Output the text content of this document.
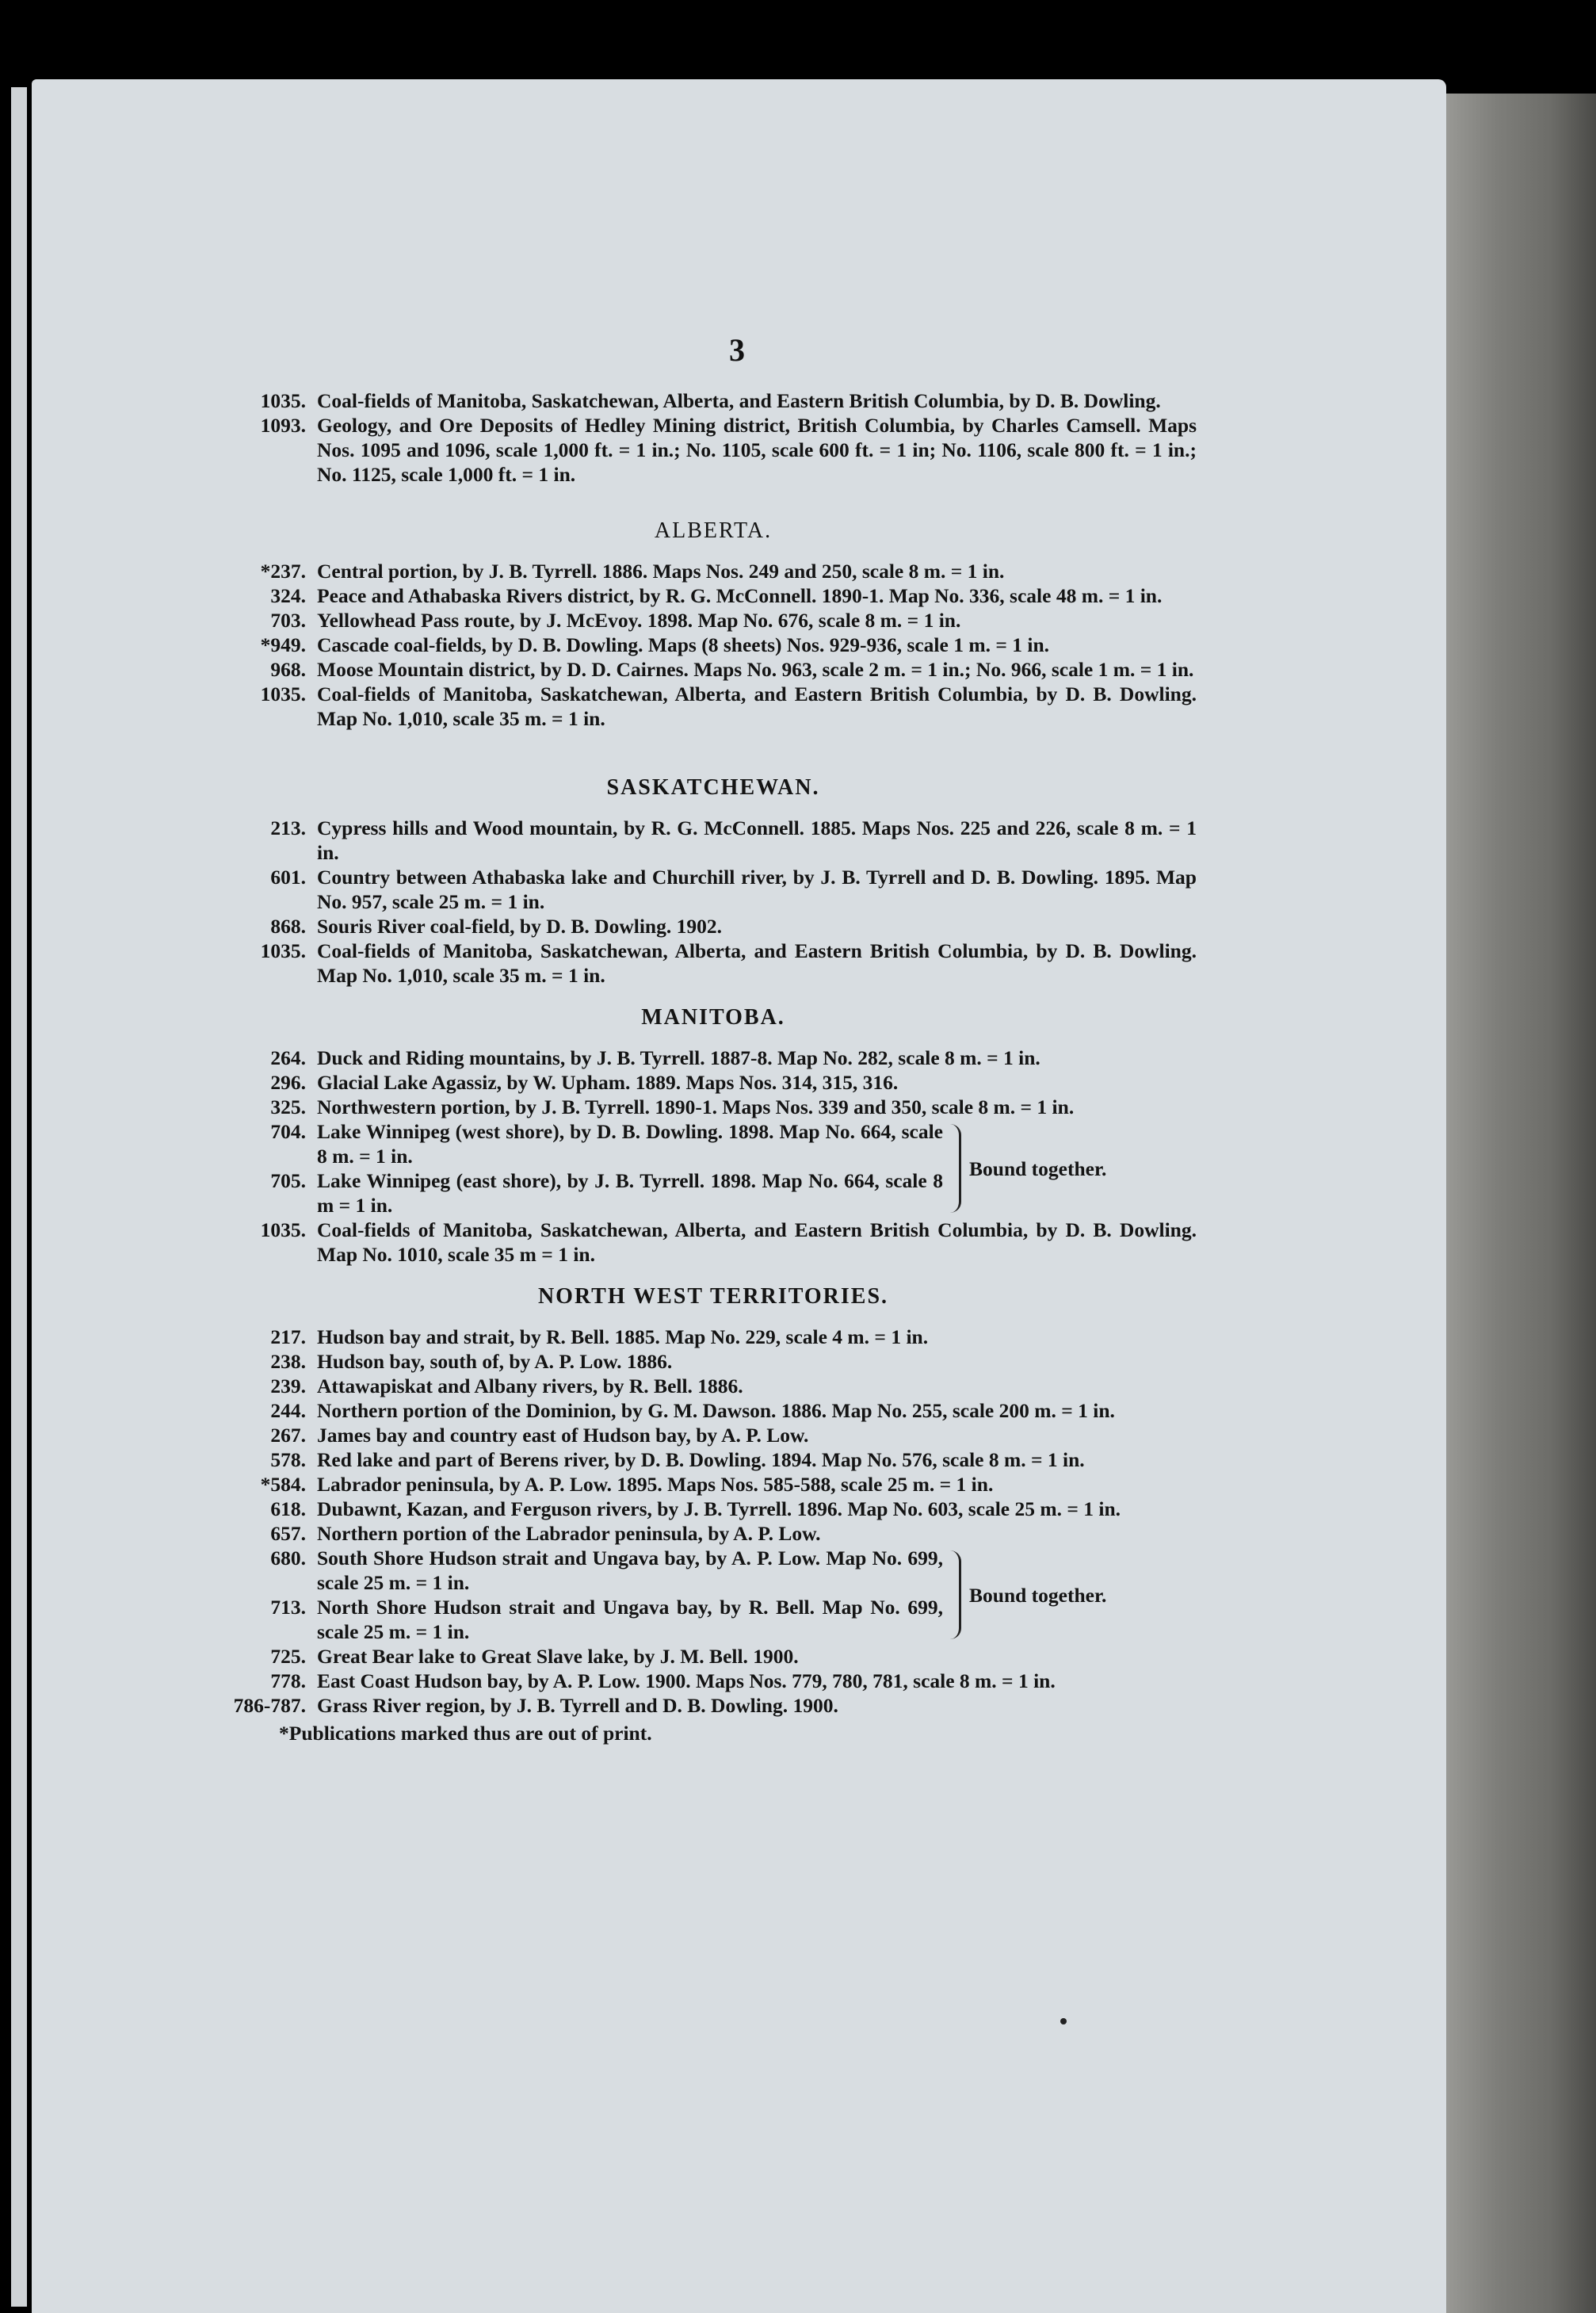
3
1035. Coal-fields of Manitoba, Saskatchewan, Alberta, and Eastern British Columbia, by D. B. Dowling.
1093. Geology, and Ore Deposits of Hedley Mining district, British Columbia, by Charles Camsell. Maps Nos. 1095 and 1096, scale 1,000 ft. = 1 in.; No. 1105, scale 600 ft. = 1 in; No. 1106, scale 800 ft. = 1 in.; No. 1125, scale 1,000 ft. = 1 in.
ALBERTA.
*237. Central portion, by J. B. Tyrrell. 1886. Maps Nos. 249 and 250, scale 8 m. = 1 in.
324. Peace and Athabaska Rivers district, by R. G. McConnell. 1890-1. Map No. 336, scale 48 m. = 1 in.
703. Yellowhead Pass route, by J. McEvoy. 1898. Map No. 676, scale 8 m. = 1 in.
*949. Cascade coal-fields, by D. B. Dowling. Maps (8 sheets) Nos. 929-936, scale 1 m. = 1 in.
968. Moose Mountain district, by D. D. Cairnes. Maps No. 963, scale 2 m. = 1 in.; No. 966, scale 1 m. = 1 in.
1035. Coal-fields of Manitoba, Saskatchewan, Alberta, and Eastern British Columbia, by D. B. Dowling. Map No. 1,010, scale 35 m. = 1 in.
SASKATCHEWAN.
213. Cypress hills and Wood mountain, by R. G. McConnell. 1885. Maps Nos. 225 and 226, scale 8 m. = 1 in.
601. Country between Athabaska lake and Churchill river, by J. B. Tyrrell and D. B. Dowling. 1895. Map No. 957, scale 25 m. = 1 in.
868. Souris River coal-field, by D. B. Dowling. 1902.
1035. Coal-fields of Manitoba, Saskatchewan, Alberta, and Eastern British Columbia, by D. B. Dowling. Map No. 1,010, scale 35 m. = 1 in.
MANITOBA.
264. Duck and Riding mountains, by J. B. Tyrrell. 1887-8. Map No. 282, scale 8 m. = 1 in.
296. Glacial Lake Agassiz, by W. Upham. 1889. Maps Nos. 314, 315, 316.
325. Northwestern portion, by J. B. Tyrrell. 1890-1. Maps Nos. 339 and 350, scale 8 m. = 1 in.
704. Lake Winnipeg (west shore), by D. B. Dowling. 1898. Map No. 664, scale 8 m. = 1 in.
705. Lake Winnipeg (east shore), by J. B. Tyrrell. 1898. Map No. 664, scale 8 m = 1 in.
Bound together.
1035. Coal-fields of Manitoba, Saskatchewan, Alberta, and Eastern British Columbia, by D. B. Dowling. Map No. 1010, scale 35 m = 1 in.
NORTH WEST TERRITORIES.
217. Hudson bay and strait, by R. Bell. 1885. Map No. 229, scale 4 m. = 1 in.
238. Hudson bay, south of, by A. P. Low. 1886.
239. Attawapiskat and Albany rivers, by R. Bell. 1886.
244. Northern portion of the Dominion, by G. M. Dawson. 1886. Map No. 255, scale 200 m. = 1 in.
267. James bay and country east of Hudson bay, by A. P. Low.
578. Red lake and part of Berens river, by D. B. Dowling. 1894. Map No. 576, scale 8 m. = 1 in.
*584. Labrador peninsula, by A. P. Low. 1895. Maps Nos. 585-588, scale 25 m. = 1 in.
618. Dubawnt, Kazan, and Ferguson rivers, by J. B. Tyrrell. 1896. Map No. 603, scale 25 m. = 1 in.
657. Northern portion of the Labrador peninsula, by A. P. Low.
680. South Shore Hudson strait and Ungava bay, by A. P. Low. Map No. 699, scale 25 m. = 1 in.
713. North Shore Hudson strait and Ungava bay, by R. Bell. Map No. 699, scale 25 m. = 1 in.
Bound together.
725. Great Bear lake to Great Slave lake, by J. M. Bell. 1900.
778. East Coast Hudson bay, by A. P. Low. 1900. Maps Nos. 779, 780, 781, scale 8 m. = 1 in.
786-787. Grass River region, by J. B. Tyrrell and D. B. Dowling. 1900.
*Publications marked thus are out of print.
